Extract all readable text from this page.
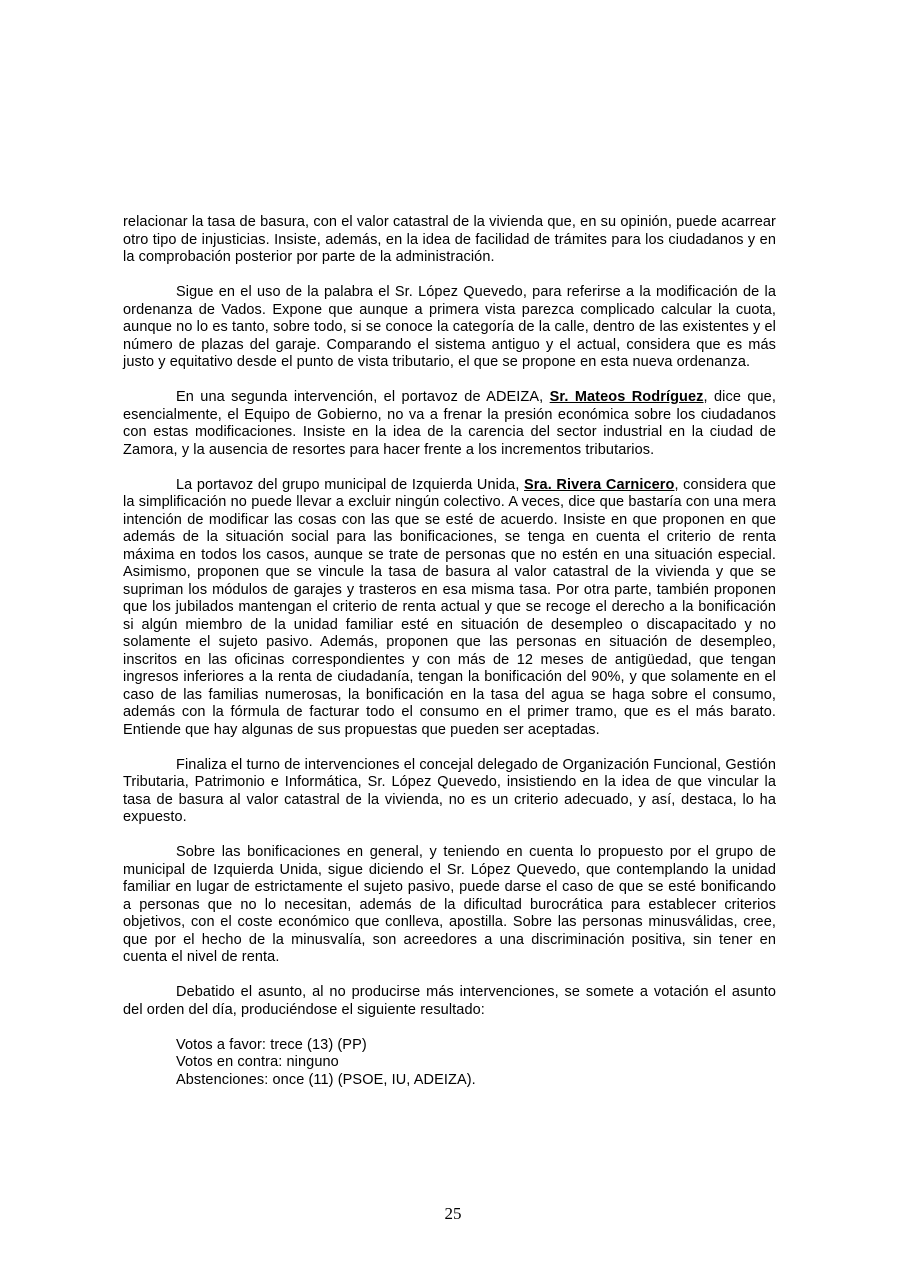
relacionar la tasa de basura, con el valor catastral de la vivienda que, en su opinión, puede acarrear otro tipo de injusticias. Insiste, además, en la idea de facilidad de trámites para los ciudadanos y en la comprobación posterior por parte de la administración.

Sigue en el uso de la palabra el Sr. López Quevedo, para referirse a la modificación de la ordenanza de Vados. Expone que aunque a primera vista parezca complicado calcular la cuota, aunque no lo es tanto, sobre todo, si se conoce la categoría de la calle, dentro de las existentes y el número de plazas del garaje. Comparando el sistema antiguo y el actual, considera que es más justo y equitativo desde el punto de vista tributario, el que se propone en esta nueva ordenanza.

En una segunda intervención, el portavoz de ADEIZA, Sr. Mateos Rodríguez, dice que, esencialmente, el Equipo de Gobierno, no va a frenar la presión económica sobre los ciudadanos con estas modificaciones. Insiste en la idea de la carencia del sector industrial en la ciudad de Zamora, y la ausencia de resortes para hacer frente a los incrementos tributarios.

La portavoz del grupo municipal de Izquierda Unida, Sra. Rivera Carnicero, considera que la simplificación no puede llevar a excluir ningún colectivo. A veces, dice que bastaría con una mera intención de modificar las cosas con las que se esté de acuerdo. Insiste en que proponen en que además de la situación social para las bonificaciones, se tenga en cuenta el criterio de renta máxima en todos los casos, aunque se trate de personas que no estén en una situación especial. Asimismo, proponen que se vincule la tasa de basura al valor catastral de la vivienda y que se supriman los módulos de garajes y trasteros en esa misma tasa. Por otra parte, también proponen que los jubilados mantengan el criterio de renta actual y que se recoge el derecho a la bonificación si algún miembro de la unidad familiar esté en situación de desempleo o discapacitado y no solamente el sujeto pasivo. Además, proponen que las personas en situación de desempleo, inscritos en las oficinas correspondientes y con más de 12 meses de antigüedad, que tengan ingresos inferiores a la renta de ciudadanía, tengan la bonificación del 90%, y que solamente en el caso de las familias numerosas, la bonificación en la tasa del agua se haga sobre el consumo, además con la fórmula de facturar todo el consumo en el primer tramo, que es el más barato. Entiende que hay algunas de sus propuestas que pueden ser aceptadas.

Finaliza el turno de intervenciones el concejal delegado de Organización Funcional, Gestión Tributaria, Patrimonio e Informática, Sr. López Quevedo, insistiendo en la idea de que vincular la tasa de basura al valor catastral de la vivienda, no es un criterio adecuado, y así, destaca, lo ha expuesto.

Sobre las bonificaciones en general, y teniendo en cuenta lo propuesto por el grupo de municipal de Izquierda Unida, sigue diciendo el Sr. López Quevedo, que contemplando la unidad familiar en lugar de estrictamente el sujeto pasivo, puede darse el caso de que se esté bonificando a personas que no lo necesitan, además de la dificultad burocrática para establecer criterios objetivos, con el coste económico que conlleva, apostilla. Sobre las personas minusválidas, cree, que por el hecho de la minusvalía, son acreedores a una discriminación positiva, sin tener en cuenta el nivel de renta.

Debatido el asunto, al no producirse más intervenciones, se somete a votación el asunto del orden del día, produciéndose el siguiente resultado:

Votos a favor: trece (13) (PP)

Votos en contra: ninguno

Abstenciones: once (11) (PSOE, IU, ADEIZA).

25
